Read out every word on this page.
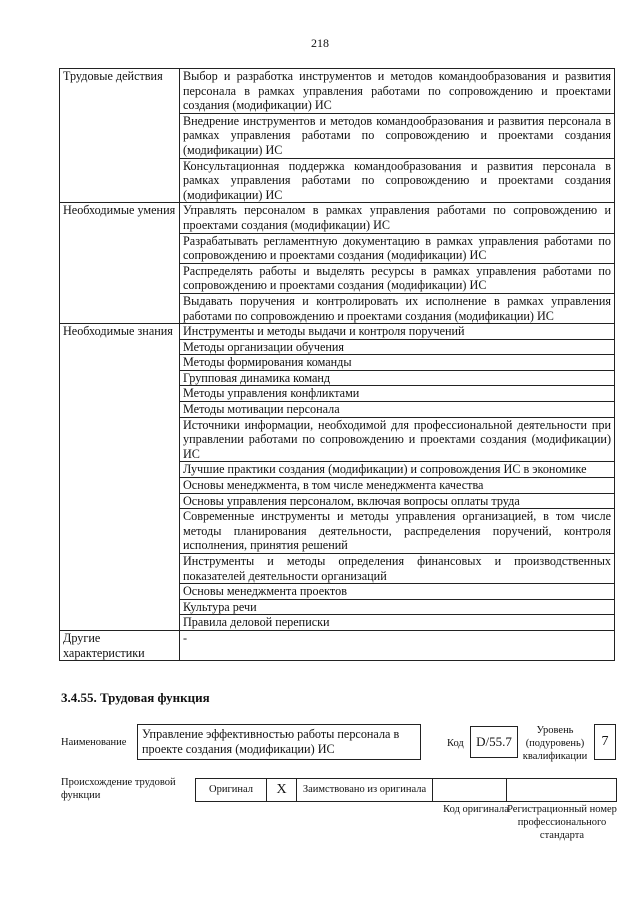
218
Трудовые действия	Выбор и разработка инструментов и методов командообразования и развития персонала в рамках управления работами по сопровождению и проектами создания (модификации) ИС
	Внедрение инструментов и методов командообразования и развития персонала в рамках управления работами по сопровождению и проектами создания (модификации) ИС
	Консультационная поддержка командообразования и развития персонала в рамках управления работами по сопровождению и проектами создания (модификации) ИС
Необходимые умения	Управлять персоналом в рамках управления работами по сопровождению и проектами создания (модификации) ИС
	Разрабатывать регламентную документацию в рамках управления работами по сопровождению и проектами создания (модификации) ИС
	Распределять работы и выделять ресурсы в рамках управления работами по сопровождению и проектами создания (модификации) ИС
	Выдавать поручения и контролировать их исполнение в рамках управления работами по сопровождению и проектами создания (модификации) ИС
Необходимые знания	Инструменты и методы выдачи и контроля поручений
	Методы организации обучения
	Методы формирования команды
	Групповая динамика команд
	Методы управления конфликтами
	Методы мотивации персонала
	Источники информации, необходимой для профессиональной деятельности при управлении работами по сопровождению и проектами создания (модификации) ИС
	Лучшие практики создания (модификации) и сопровождения ИС в экономике
	Основы менеджмента, в том числе менеджмента качества
	Основы управления персоналом, включая вопросы оплаты труда
	Современные инструменты и методы управления организацией, в том числе методы планирования деятельности, распределения поручений, контроля исполнения, принятия решений
	Инструменты и методы определения финансовых и производственных показателей деятельности организаций
	Основы менеджмента проектов
	Культура речи
	Правила деловой переписки
Другие характеристики	-
3.4.55. Трудовая функция
Наименование
Управление эффективностью работы персонала в проекте создания (модификации) ИС	Код D/55.7
Уровень (подуровень) квалификации
7
Происхождение трудовой функции
Оригинал	X	Заимствовано из оригинала		
Код оригинала
Регистрационный номер профессионального стандарта
